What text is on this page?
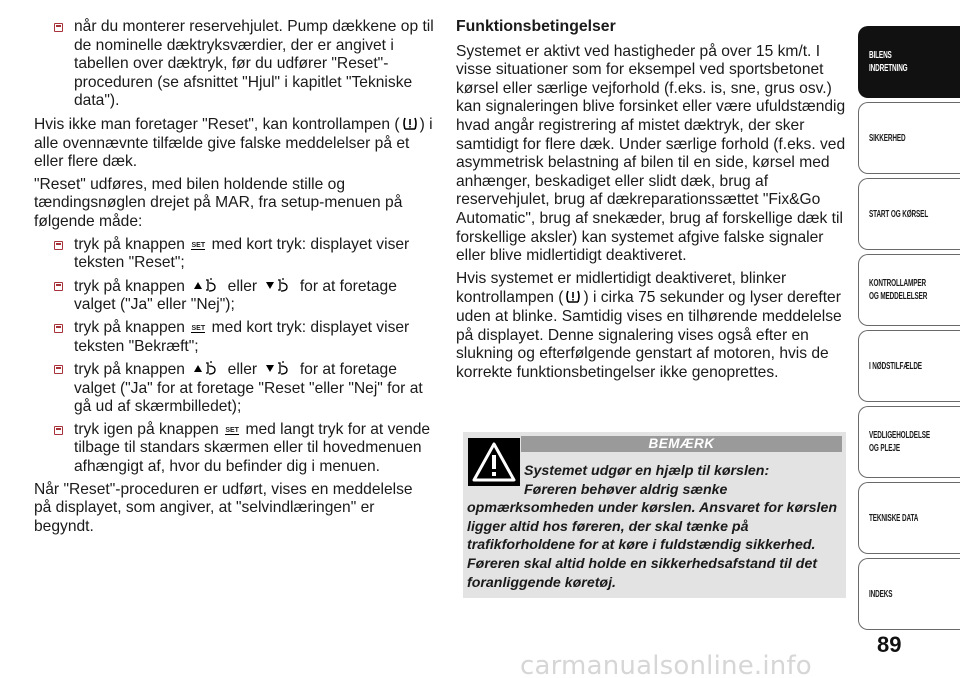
når du monterer reservehjulet. Pump dækkene op til de nominelle dæktryksværdier, der er angivet i tabellen over dæktryk, før du udfører "Reset"- proceduren (se afsnittet "Hjul" i kapitlet "Tekniske data").

Hvis ikke man foretager "Reset", kan kontrollampen ( ) i alle ovennævnte tilfælde give falske meddelelser på et eller flere dæk.

"Reset" udføres, med bilen holdende stille og tændingsnøglen drejet på MAR, fra setup-menuen på følgende måde:

tryk på knappen SET med kort tryk: displayet viser teksten "Reset";
tryk på knappen	eller	for at foretage valget ("Ja" eller "Nej");
tryk på knappen SET med kort tryk: displayet viser teksten "Bekræft";
tryk på knappen	eller	for at foretage valget ("Ja" for at foretage "Reset "eller "Nej" for at gå ud af skærmbilledet);
tryk igen på knappen SET med langt tryk for at vende tilbage til standars skærmen eller til hovedmenuen afhængigt af, hvor du befinder dig i menuen.

Når "Reset"-proceduren er udført, vises en meddelelse på displayet, som angiver, at "selvindlæringen" er begyndt.

Funktionsbetingelser

Systemet er aktivt ved hastigheder på over 15 km/t. I visse situationer som for eksempel ved sportsbetonet kørsel eller særlige vejforhold (f.eks. is, sne, grus osv.) kan signaleringen blive forsinket eller være ufuldstændig hvad angår registrering af mistet dæktryk, der sker samtidigt for flere dæk. Under særlige forhold (f.eks. ved asymmetrisk belastning af bilen til en side, kørsel med anhænger, beskadiget eller slidt dæk, brug af reservehjulet, brug af dækreparationssættet "Fix&Go Automatic", brug af snekæder, brug af forskellige dæk til forskellige aksler) kan systemet afgive falske signaler eller blive midlertidigt deaktiveret.

Hvis systemet er midlertidigt deaktiveret, blinker kontrollampen ( ) i cirka 75 sekunder og lyser derefter uden at blinke. Samtidig vises en tilhørende meddelelse på displayet. Denne signalering vises også efter en slukning og efterfølgende genstart af motoren, hvis de korrekte funktionsbetingelser ikke genoprettes.

BEMÆRK
Systemet udgør en hjælp til kørslen:
Føreren behøver aldrig sænke
opmærksomheden under kørslen. Ansvaret for kørslen ligger altid hos føreren, der skal tænke på trafikforholdene for at køre i fuldstændig sikkerhed. Føreren skal altid holde en sikkerhedsafstand til det foranliggende køretøj.
BILENS
INDRETNING
SIKKERHED
START OG KØRSEL
KONTROLLAMPER
OG MEDDELELSER
I NØDSTILFÆLDE
VEDLIGEHOLDELSE
OG PLEJE
TEKNISKE DATA
INDEKS
89
carmanualsonline.info
